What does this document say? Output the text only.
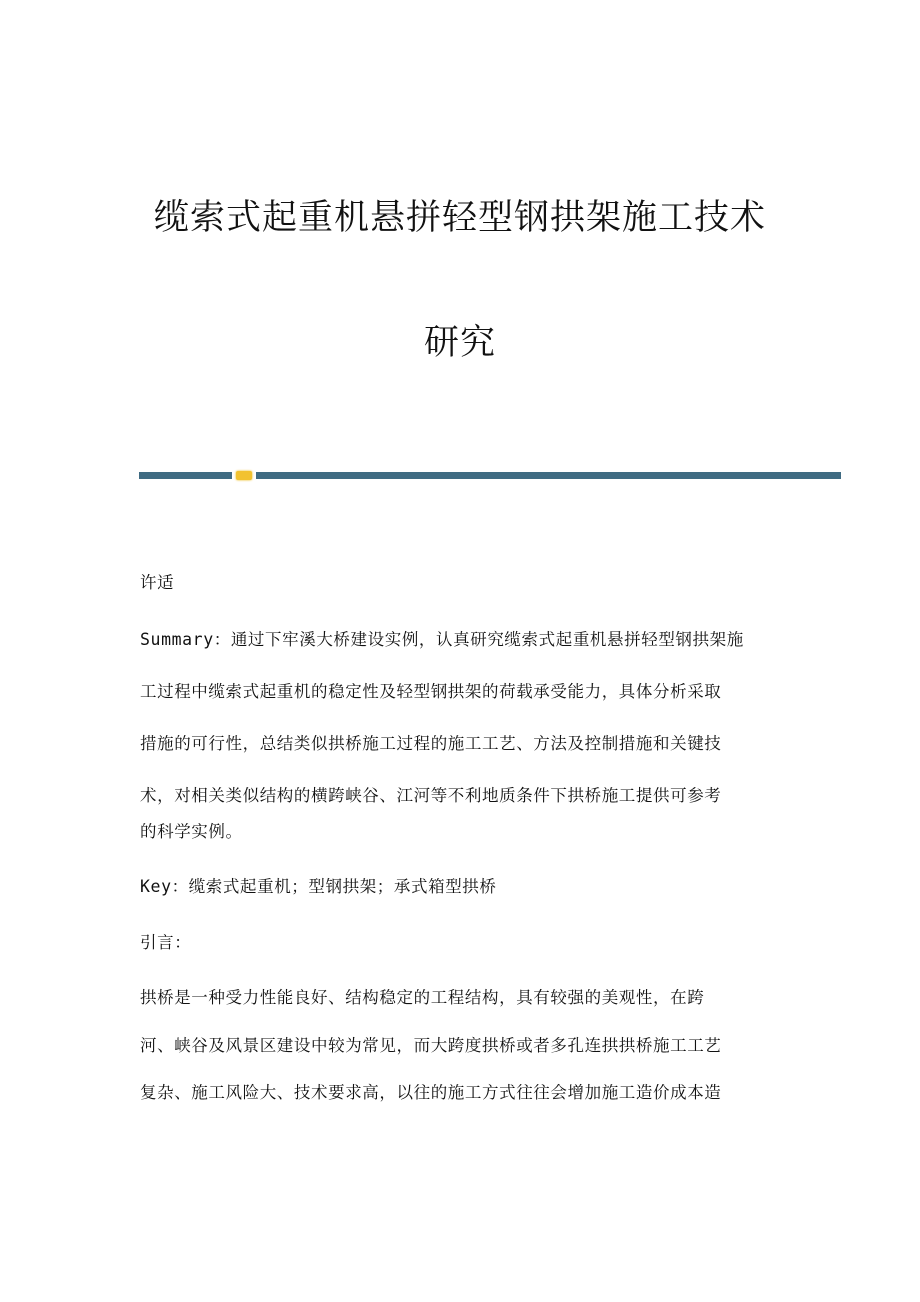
缆索式起重机悬拼轻型钢拱架施工技术
研究
许适
Summary：通过下牢溪大桥建设实例，认真研究缆索式起重机悬拼轻型钢拱架施
工过程中缆索式起重机的稳定性及轻型钢拱架的荷载承受能力，具体分析采取
措施的可行性，总结类似拱桥施工过程的施工工艺、方法及控制措施和关键技
术，对相关类似结构的横跨峡谷、江河等不利地质条件下拱桥施工提供可参考
的科学实例。
Key：缆索式起重机；型钢拱架；承式箱型拱桥
引言：
拱桥是一种受力性能良好、结构稳定的工程结构，具有较强的美观性，在跨
河、峡谷及风景区建设中较为常见，而大跨度拱桥或者多孔连拱拱桥施工工艺
复杂、施工风险大、技术要求高，以往的施工方式往往会增加施工造价成本造
